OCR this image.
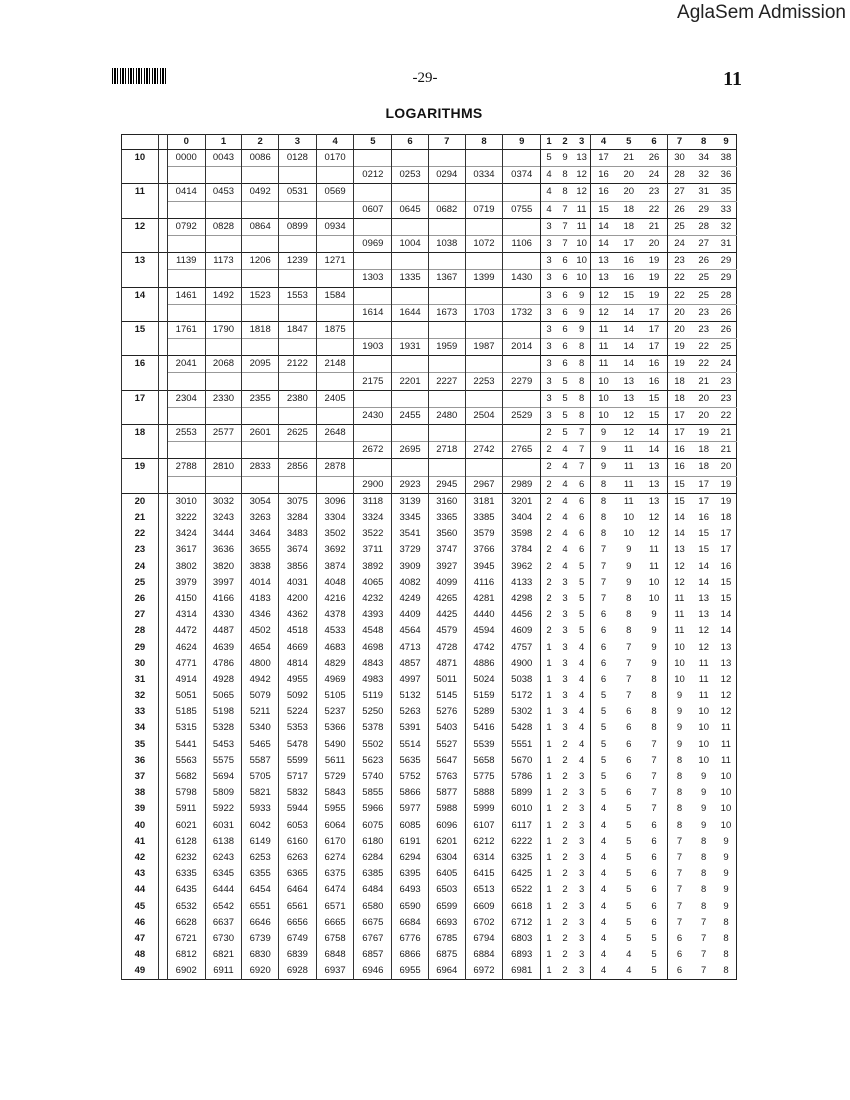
AglaSem Admission
-29-	11
LOGARITHMS
		0	1	2	3	4	5	6	7	8	9	1	2	3	4	5	6	7	8	9
10		0000	0043	0086	0128	0170						5	9	13	17	21	26	30	34	38
							0212	0253	0294	0334	0374	4	8	12	16	20	24	28	32	36
11		0414	0453	0492	0531	0569						4	8	12	16	20	23	27	31	35
							0607	0645	0682	0719	0755	4	7	11	15	18	22	26	29	33
12		0792	0828	0864	0899	0934						3	7	11	14	18	21	25	28	32
							0969	1004	1038	1072	1106	3	7	10	14	17	20	24	27	31
13		1139	1173	1206	1239	1271						3	6	10	13	16	19	23	26	29
							1303	1335	1367	1399	1430	3	6	10	13	16	19	22	25	29
14		1461	1492	1523	1553	1584						3	6	9	12	15	19	22	25	28
							1614	1644	1673	1703	1732	3	6	9	12	14	17	20	23	26
15		1761	1790	1818	1847	1875						3	6	9	11	14	17	20	23	26
							1903	1931	1959	1987	2014	3	6	8	11	14	17	19	22	25
16		2041	2068	2095	2122	2148						3	6	8	11	14	16	19	22	24
							2175	2201	2227	2253	2279	3	5	8	10	13	16	18	21	23
17		2304	2330	2355	2380	2405						3	5	8	10	13	15	18	20	23
							2430	2455	2480	2504	2529	3	5	8	10	12	15	17	20	22
18		2553	2577	2601	2625	2648						2	5	7	9	12	14	17	19	21
							2672	2695	2718	2742	2765	2	4	7	9	11	14	16	18	21
19		2788	2810	2833	2856	2878						2	4	7	9	11	13	16	18	20
							2900	2923	2945	2967	2989	2	4	6	8	11	13	15	17	19
20		3010	3032	3054	3075	3096	3118	3139	3160	3181	3201	2	4	6	8	11	13	15	17	19
21		3222	3243	3263	3284	3304	3324	3345	3365	3385	3404	2	4	6	8	10	12	14	16	18
22		3424	3444	3464	3483	3502	3522	3541	3560	3579	3598	2	4	6	8	10	12	14	15	17
23		3617	3636	3655	3674	3692	3711	3729	3747	3766	3784	2	4	6	7	9	11	13	15	17
24		3802	3820	3838	3856	3874	3892	3909	3927	3945	3962	2	4	5	7	9	11	12	14	16
25		3979	3997	4014	4031	4048	4065	4082	4099	4116	4133	2	3	5	7	9	10	12	14	15
26		4150	4166	4183	4200	4216	4232	4249	4265	4281	4298	2	3	5	7	8	10	11	13	15
27		4314	4330	4346	4362	4378	4393	4409	4425	4440	4456	2	3	5	6	8	9	11	13	14
28		4472	4487	4502	4518	4533	4548	4564	4579	4594	4609	2	3	5	6	8	9	11	12	14
29		4624	4639	4654	4669	4683	4698	4713	4728	4742	4757	1	3	4	6	7	9	10	12	13
30		4771	4786	4800	4814	4829	4843	4857	4871	4886	4900	1	3	4	6	7	9	10	11	13
31		4914	4928	4942	4955	4969	4983	4997	5011	5024	5038	1	3	4	6	7	8	10	11	12
32		5051	5065	5079	5092	5105	5119	5132	5145	5159	5172	1	3	4	5	7	8	9	11	12
33		5185	5198	5211	5224	5237	5250	5263	5276	5289	5302	1	3	4	5	6	8	9	10	12
34		5315	5328	5340	5353	5366	5378	5391	5403	5416	5428	1	3	4	5	6	8	9	10	11
35		5441	5453	5465	5478	5490	5502	5514	5527	5539	5551	1	2	4	5	6	7	9	10	11
36		5563	5575	5587	5599	5611	5623	5635	5647	5658	5670	1	2	4	5	6	7	8	10	11
37		5682	5694	5705	5717	5729	5740	5752	5763	5775	5786	1	2	3	5	6	7	8	9	10
38		5798	5809	5821	5832	5843	5855	5866	5877	5888	5899	1	2	3	5	6	7	8	9	10
39		5911	5922	5933	5944	5955	5966	5977	5988	5999	6010	1	2	3	4	5	7	8	9	10
40		6021	6031	6042	6053	6064	6075	6085	6096	6107	6117	1	2	3	4	5	6	8	9	10
41		6128	6138	6149	6160	6170	6180	6191	6201	6212	6222	1	2	3	4	5	6	7	8	9
42		6232	6243	6253	6263	6274	6284	6294	6304	6314	6325	1	2	3	4	5	6	7	8	9
43		6335	6345	6355	6365	6375	6385	6395	6405	6415	6425	1	2	3	4	5	6	7	8	9
44		6435	6444	6454	6464	6474	6484	6493	6503	6513	6522	1	2	3	4	5	6	7	8	9
45		6532	6542	6551	6561	6571	6580	6590	6599	6609	6618	1	2	3	4	5	6	7	8	9
46		6628	6637	6646	6656	6665	6675	6684	6693	6702	6712	1	2	3	4	5	6	7	7	8
47		6721	6730	6739	6749	6758	6767	6776	6785	6794	6803	1	2	3	4	5	5	6	7	8
48		6812	6821	6830	6839	6848	6857	6866	6875	6884	6893	1	2	3	4	4	5	6	7	8
49		6902	6911	6920	6928	6937	6946	6955	6964	6972	6981	1	2	3	4	4	5	6	7	8
